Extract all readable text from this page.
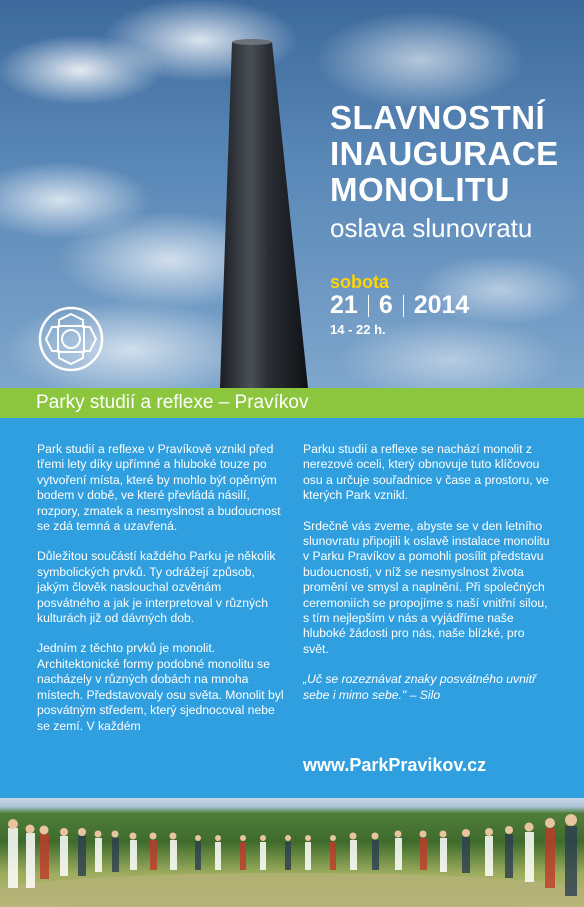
SLAVNOSTNÍ
INAUGURACE
MONOLITU
oslava slunovratu
sobota
21 6 2014
14 - 22 h.
Parky studií a reflexe – Pravíkov

Park studií a reflexe v Pravíkově vznikl před třemi lety díky upřímné a hluboké touze po vytvoření místa, které by mohlo být opěrným bodem v době, ve které převládá násilí, rozpory, zmatek a nesmyslnost a budoucnost se zdá temná a uzavřená.

Důležitou součástí každého Parku je několik symbolických prvků. Ty odrážejí způsob, jakým člověk naslouchal ozvěnám posvátného a jak je interpretoval v různých kulturách již od dávných dob.

Jedním z těchto prvků je monolit. Architektonické formy podobné monolitu se nacházely v různých dobách na mnoha místech. Představovaly osu světa. Monolit byl posvátným středem, který sjednocoval nebe se zemí. V každém

Parku studií a reflexe se nachází monolit z nerezové oceli, který obnovuje tuto klíčovou osu a určuje souřadnice v čase a prostoru, ve kterých Park vznikl.

Srdečně vás zveme, abyste se v den letního slunovratu připojili k oslavě instalace monolitu v Parku Pravíkov a pomohli posílit představu budoucnosti, v níž se nesmyslnost života promění ve smysl a naplnění. Při společných ceremoniích se propojíme s naší vnitřní silou, s tím nejlepším v nás a vyjádříme naše hluboké žádosti pro nás, naše blízké, pro svět.

„Uč se rozeznávat znaky posvátného uvnitř sebe i mimo sebe." – Silo

www.ParkPravikov.cz
